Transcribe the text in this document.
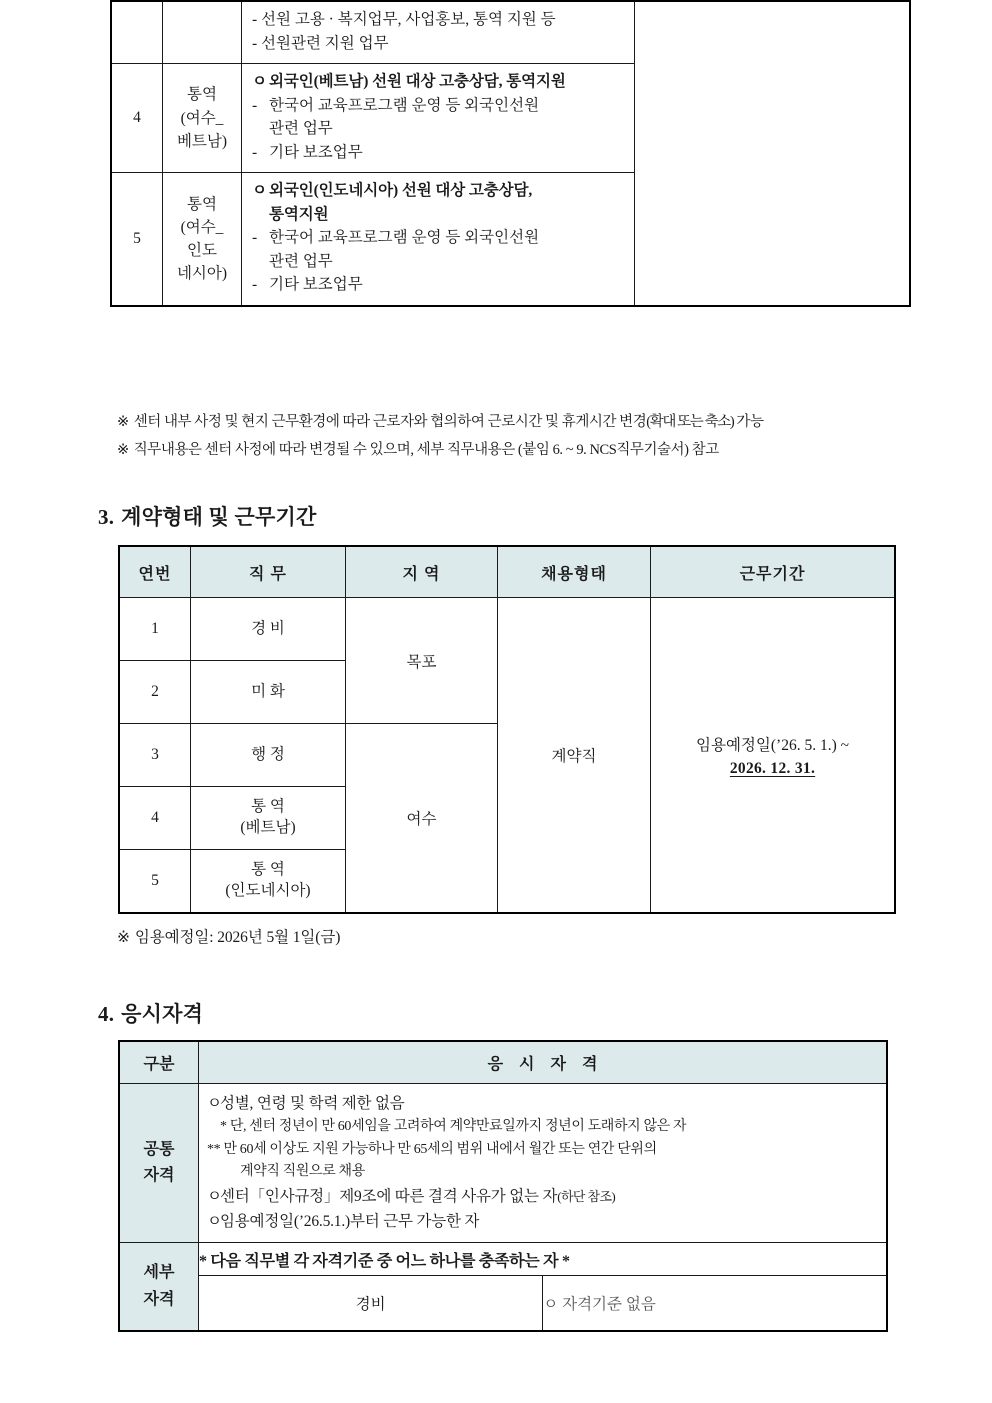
		- 선원 고용 · 복지업무, 사업홍보, 통역 지원 등
- 선원관련 지원 업무	

4	통역
(여수_
베트남)	ㅇ 외국인(베트남) 선원 대상 고충상담, 통역지원
- 한국어 교육프로그램 운영 등 외국인선원
관련 업무
- 기타 보조업무	

5	통역
(여수_
인도
네시아)	ㅇ 외국인(인도네시아) 선원 대상 고충상담,
통역지원
- 한국어 교육프로그램 운영 등 외국인선원
관련 업무
- 기타 보조업무	
※ 센터 내부 사정 및 현지 근무환경에 따라 근로자와 협의하여 근로시간 및 휴게시간 변경(확대 또는 축소) 가능
※ 직무내용은 센터 사정에 따라 변경될 수 있으며, 세부 직무내용은 (붙임 6. ~ 9. NCS직무기술서) 참고
3. 계약형태 및 근무기간
연번	직 무	지 역	채용형태	근무기간
1	경 비	목포	계약직	임용예정일(’26. 5. 1.) ~
2026. 12. 31.

2	미 화			
3	행 정	여수		
4	통 역
(베트남)			
5	통 역
(인도네시아)			
※ 임용예정일: 2026년 5월 1일(금)
4. 응시자격
구분	응 시 자 격	
공통
자격	
ㅇ성별, 연령 및 학력 제한 없음
* 단, 센터 정년이 만 60세임을 고려하여 계약만료일까지 정년이 도래하지 않은 자
** 만 60세 이상도 지원 가능하나 만 65세의 범위 내에서 월간 또는 연간 단위의
계약직 직원으로 채용
ㅇ센터「인사규정」제9조에 따른 결격 사유가 없는 자(하단 참조)
ㅇ임용예정일(’26.5.1.)부터 근무 가능한 자

세부
자격	* 다음 직무별 각 자격기준 중 어느 하나를 충족하는 자 *	
	경비	ㅇ 자격기준 없음
